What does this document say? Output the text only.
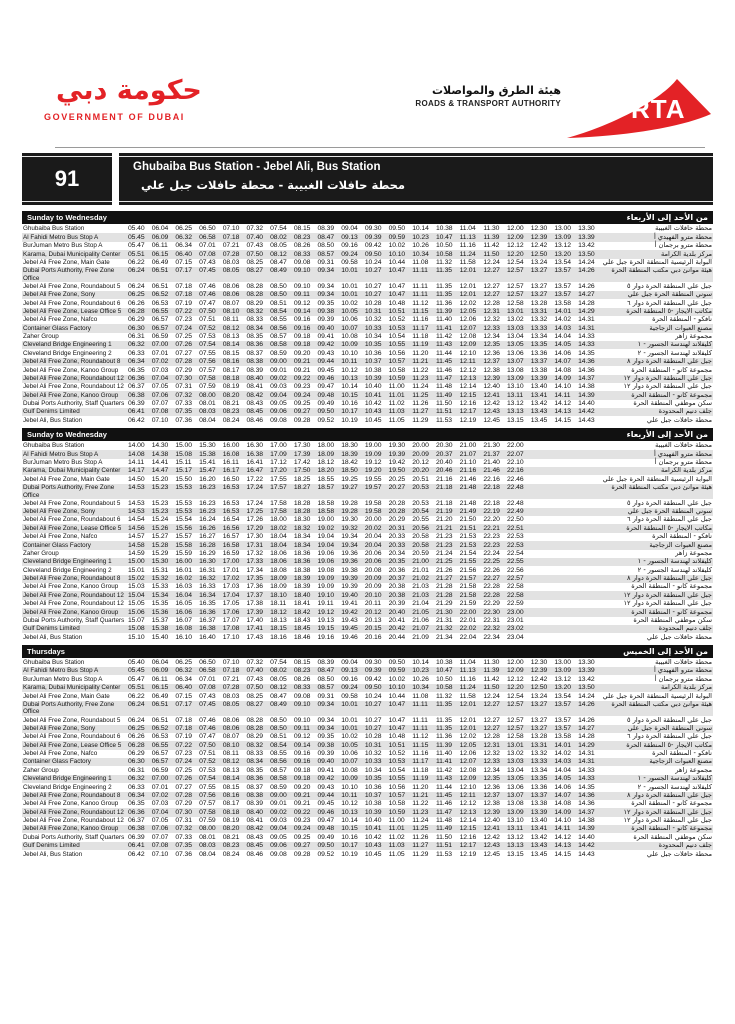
حكومة دبي
GOVERNMENT OF DUBAI
هيئة الطرق والمواصلات
ROADS & TRANSPORT AUTHORITY	RTA
91	Ghubaiba Bus Station - Jebel Ali, Bus Station
محطة حافلات الغبيبة - محطة حافلات جبل علي
Sunday to Wednesday	من الأحد إلى الأربعاء
Ghubaiba Bus Station	05.40	06.04	06.25	06.50	07.10	07.32	07.54	08.15	08.39	09.04	09.30	09.50	10.14	10.38	11.04	11.30	12.00	12.30	13.00	13.30	محطة حافلات الغبيبة
Al Fahidi Metro Bus Stop A	05.45	06.09	06.32	06.58	07.18	07.40	08.02	08.23	08.47	09.13	09.39	09.59	10.23	10.47	11.13	11.39	12.09	12.39	13.09	13.39	محطة مترو الفهيدي أ
BurJuman Metro Bus Stop A	05.47	06.11	06.34	07.01	07.21	07.43	08.05	08.26	08.50	09.16	09.42	10.02	10.26	10.50	11.16	11.42	12.12	12.42	13.12	13.42	محطة مترو برجمان أ
Karama, Dubai Municipality Center	05.51	06.15	06.40	07.08	07.28	07.50	08.12	08.33	08.57	09.24	09.50	10.10	10.34	10.58	11.24	11.50	12.20	12.50	13.20	13.50	مركز بلدية الكرامة
Jebel Ali Free Zone, Main Gate	06.22	06.49	07.15	07.43	08.03	08.25	08.47	09.08	09.31	09.58	10.24	10.44	11.08	11.32	11.58	12.24	12.54	13.24	13.54	14.24	البوابة الرئيسية المنطقة الحرة جبل علي
Dubai Ports Authority, Free Zone Office
06.24	06.51	07.17	07.45	08.05	08.27	08.49	09.10	09.34	10.01	10.27	10.47	11.11	11.35	12.01	12.27	12.57	13.27	13.57	14.26	هيئة موانئ دبي مكتب المنطقة الحرة
Jebel Ali Free Zone, Roundabout 5	06.24	06.51	07.18	07.46	08.06	08.28	08.50	09.10	09.34	10.01	10.27	10.47	11.11	11.35	12.01	12.27	12.57	13.27	13.57	14.26	جبل علي المنطقة الحرة دوار ٥
Jebel Ali Free Zone, Sony	06.25	06.52	07.18	07.46	08.06	08.28	08.50	09.11	09.34	10.01	10.27	10.47	11.11	11.35	12.01	12.27	12.57	13.27	13.57	14.27	سوني المنطقة الحرة جبل علي
Jebel Ali Free Zone, Roundabout 6	06.26	06.53	07.19	07.47	08.07	08.29	08.51	09.12	09.35	10.02	10.28	10.48	11.12	11.36	12.02	12.28	12.58	13.28	13.58	14.28	جبل علي المنطقة الحرة دوار ٦
Jebel Ali Free Zone, Lease Office 5 06.28	06.55	07.22	07.50	08.10	08.32	08.54	09.14	09.38	10.05	10.31	10.51	11.15	11.39	12.05	12.31	13.01	13.31	14.01	14.29	مكاتب الايجار -٥ المنطقة الحرة
Jebel Ali Free Zone, Nafco	06.29	06.57	07.23	07.51	08.11	08.33	08.55	09.16	09.39	10.06	10.32	10.52	11.16	11.40	12.06	12.32	13.02	13.32	14.02	14.31	نافكو - المنطقة الحرة
Container Glass Factory	06.30	06.57	07.24	07.52	08.12	08.34	08.56	09.16	09.40	10.07	10.33	10.53	11.17	11.41	12.07	12.33	13.03	13.33	14.03	14.31	مصنع العبوات الزجاجية
Zaher Group	06.31	06.59	07.25	07.53	08.13	08.35	08.57	09.18	09.41	10.08	10.34	10.54	11.18	11.42	12.08	12.34	13.04	13.34	14.04	14.33	مجموعة زاهر
Cleveland Bridge Engineering 1	06.32	07.00	07.26	07.54	08.14	08.36	08.58	09.18	09.42	10.09	10.35	10.55	11.19	11.43	12.09	12.35	13.05	13.35	14.05	14.33	كليفلاند لهندسة الجسور - ١
Cleveland Bridge Engineering 2	06.33	07.01	07.27	07.55	08.15	08.37	08.59	09.20	09.43	10.10	10.36	10.56	11.20	11.44	12.10	12.36	13.06	13.36	14.06	14.35	كليفلاند لهندسة الجسور - ٢
Jebel Ali Free Zone, Roundabout 8	06.34	07.02	07.28	07.56	08.16	08.38	09.00	09.21	09.44	10.11	10.37	10.57	11.21	11.45	12.11	12.37	13.07	13.37	14.07	14.36	جبل علي المنطقة الحرة دوار ٨
Jebel Ali Free Zone, Kanoo Group	06.35	07.03	07.29	07.57	08.17	08.39	09.01	09.21	09.45	10.12	10.38	10.58	11.22	11.46	12.12	12.38	13.08	13.38	14.08	14.36	مجموعة كانو - المنطقة الحرة
Jebel Ali Free Zone, Roundabout 12 06.36	07.04	07.30	07.58	08.18	08.40	09.02	09.22	09.46	10.13	10.39	10.59	11.23	11.47	12.13	12.39	13.09	13.39	14.09	14.37	جبل علي المنطقة الحرة دوار ١٢
Jebel Ali Free Zone, Roundabout 12 06.37	07.05	07.31	07.59	08.19	08.41	09.03	09.23	09.47	10.14	10.40	11.00	11.24	11.48	12.14	12.40	13.10	13.40	14.10	14.38	جبل علي المنطقة الحرة دوار ١٢
Jebel Ali Free Zone, Kanoo Group	06.38	07.06	07.32	08.00	08.20	08.42	09.04	09.24	09.48	10.15	10.41	11.01	11.25	11.49	12.15	12.41	13.11	13.41	14.11	14.39	مجموعة كانو - المنطقة الحرة
Dubai Ports Authority, Staff Quarters 06.39	07.07	07.33	08.01	08.21	08.43	09.05	09.25	09.49	10.16	10.42	11.02	11.26	11.50	12.16	12.42	13.12	13.42	14.12	14.40	سكن موظفي المنطقة الحرة
Gulf Denims Limited	06.41	07.08	07.35	08.03	08.23	08.45	09.06	09.27	09.50	10.17	10.43	11.03	11.27	11.51	12.17	12.43	13.13	13.43	14.13	14.42	جلف دنيم المحدودة
Jebel Ali, Bus Station	06.42	07.10	07.36	08.04	08.24	08.46	09.08	09.28	09.52	10.19	10.45	11.05	11.29	11.53	12.19	12.45	13.15	13.45	14.15	14.43	محطة حافلات جبل علي
Sunday to Wednesday	من الأحد إلى الأربعاء
Ghubaiba Bus Station	14.00	14.30	15.00	15.30	16.00	16.30	17.00	17.30	18.00	18.30	19.00	19.30	20.00	20.30	21.00	21.30	22.00	محطة حافلات الغبيبة
Al Fahidi Metro Bus Stop A	14.08	14.38	15.08	15.38	16.08	16.38	17.09	17.39	18.09	18.39	19.09	19.39	20.09	20.37	21.07	21.37	22.07	محطة مترو الفهيدي أ
BurJuman Metro Bus Stop A	14.11	14.41	15.11	15.41	16.11	16.41	17.12	17.42	18.12	18.42	19.12	19.42	20.12	20.40	21.10	21.40	22.10	محطة مترو برجمان أ
Karama, Dubai Municipality Center	14.17	14.47	15.17	15.47	16.17	16.47	17.20	17.50	18.20	18.50	19.20	19.50	20.20	20.46	21.16	21.46	22.16	مركز بلدية الكرامة
Jebel Ali Free Zone, Main Gate	14.50	15.20	15.50	16.20	16.50	17.22	17.55	18.25	18.55	19.25	19.55	20.25	20.51	21.16	21.46	22.16	22.46	البوابة الرئيسية المنطقة الحرة جبل علي
Dubai Ports Authority, Free Zone Office
14.53	15.23	15.53	16.23	16.53	17.24	17.57	18.27	18.57	19.27	19.57	20.27	20.53	21.18	21.48	22.18	22.48	هيئة موانئ دبي مكتب المنطقة الحرة
Jebel Ali Free Zone, Roundabout 5	14.53	15.23	15.53	16.23	16.53	17.24	17.58	18.28	18.58	19.28	19.58	20.28	20.53	21.18	21.48	22.18	22.48	جبل علي المنطقة الحرة دوار ٥
Jebel Ali Free Zone, Sony	14.53	15.23	15.53	16.23	16.53	17.25	17.58	18.28	18.58	19.28	19.58	20.28	20.54	21.19	21.49	22.19	22.49	سوني المنطقة الحرة جبل علي
Jebel Ali Free Zone, Roundabout 6	14.54	15.24	15.54	16.24	16.54	17.26	18.00	18.30	19.00	19.30	20.00	20.29	20.55	21.20	21.50	22.20	22.50	جبل علي المنطقة الحرة دوار ٦
Jebel Ali Free Zone, Lease Office 5 14.56	15.26	15.56	16.26	16.56	17.29	18.02	18.32	19.02	19.32	20.02	20.31	20.56	21.21	21.51	22.21	22.51	مكاتب الايجار -٥ المنطقة الحرة
Jebel Ali Free Zone, Nafco	14.57	15.27	15.57	16.27	16.57	17.30	18.04	18.34	19.04	19.34	20.04	20.33	20.58	21.23	21.53	22.23	22.53	نافكو - المنطقة الحرة
Container Glass Factory	14.58	15.28	15.58	16.28	16.58	17.31	18.04	18.34	19.04	19.34	20.04	20.33	20.58	21.23	21.53	22.23	22.53	مصنع العبوات الزجاجية
Zaher Group	14.59	15.29	15.59	16.29	16.59	17.32	18.06	18.36	19.06	19.36	20.06	20.34	20.59	21.24	21.54	22.24	22.54	مجموعة زاهر
Cleveland Bridge Engineering 1	15.00	15.30	16.00	16.30	17.00	17.33	18.06	18.36	19.06	19.36	20.06	20.35	21.00	21.25	21.55	22.25	22.55	كليفلاند لهندسة الجسور - ١
Cleveland Bridge Engineering 2	15.01	15.31	16.01	16.31	17.01	17.34	18.08	18.38	19.08	19.38	20.08	20.36	21.01	21.26	21.56	22.26	22.56	كليفلاند لهندسة الجسور - ٢
Jebel Ali Free Zone, Roundabout 8	15.02	15.32	16.02	16.32	17.02	17.35	18.09	18.39	19.09	19.39	20.09	20.37	21.02	21.27	21.57	22.27	22.57	جبل علي المنطقة الحرة دوار ٨
Jebel Ali Free Zone, Kanoo Group	15.03	15.33	16.03	16.33	17.03	17.36	18.09	18.39	19.09	19.39	20.09	20.38	21.03	21.28	21.58	22.28	22.58	مجموعة كانو - المنطقة الحرة
Jebel Ali Free Zone, Roundabout 12 15.04	15.34	16.04	16.34	17.04	17.37	18.10	18.40	19.10	19.40	20.10	20.38	21.03	21.28	21.58	22.28	22.58	جبل علي المنطقة الحرة دوار ١٢
Jebel Ali Free Zone, Roundabout 12 15.05	15.35	16.05	16.35	17.05	17.38	18.11	18.41	19.11	19.41	20.11	20.39	21.04	21.29	21.59	22.29	22.59	جبل علي المنطقة الحرة دوار ١٢
Jebel Ali Free Zone, Kanoo Group	15.06	15.36	16.06	16.36	17.06	17.39	18.12	18.42	19.12	19.42	20.12	20.40	21.05	21.30	22.00	22.30	23.00	مجموعة كانو - المنطقة الحرة
Dubai Ports Authority, Staff Quarters 15.07	15.37	16.07	16.37	17.07	17.40	18.13	18.43	19.13	19.43	20.13	20.41	21.06	21.31	22.01	22.31	23.01	سكن موظفي المنطقة الحرة
Gulf Denims Limited	15.08	15.38	16.08	16.38	17.08	17.41	18.15	18.45	19.15	19.45	20.15	20.42	21.07	21.32	22.02	22.32	23.02	جلف دنيم المحدودة
Jebel Ali, Bus Station	15.10	15.40	16.10	16.40	17.10	17.43	18.16	18.46	19.16	19.46	20.16	20.44	21.09	21.34	22.04	22.34	23.04	محطة حافلات جبل علي
Thursdays	من الأحد إلى الخميس
Ghubaiba Bus Station	05.40	06.04	06.25	06.50	07.10	07.32	07.54	08.15	08.39	09.04	09.30	09.50	10.14	10.38	11.04	11.30	12.00	12.30	13.00	13.30	محطة حافلات الغبيبة
Al Fahidi Metro Bus Stop A	05.45	06.09	06.32	06.58	07.18	07.40	08.02	08.23	08.47	09.13	09.39	09.59	10.23	10.47	11.13	11.39	12.09	12.39	13.09	13.39	محطة مترو الفهيدي أ
BurJuman Metro Bus Stop A	05.47	06.11	06.34	07.01	07.21	07.43	08.05	08.26	08.50	09.16	09.42	10.02	10.26	10.50	11.16	11.42	12.12	12.42	13.12	13.42	محطة مترو برجمان أ
Karama, Dubai Municipality Center	05.51	06.15	06.40	07.08	07.28	07.50	08.12	08.33	08.57	09.24	09.50	10.10	10.34	10.58	11.24	11.50	12.20	12.50	13.20	13.50	مركز بلدية الكرامة
Jebel Ali Free Zone, Main Gate	06.22	06.49	07.15	07.43	08.03	08.25	08.47	09.08	09.31	09.58	10.24	10.44	11.08	11.32	11.58	12.24	12.54	13.24	13.54	14.24	البوابة الرئيسية المنطقة الحرة جبل علي
Dubai Ports Authority, Free Zone Office
06.24	06.51	07.17	07.45	08.05	08.27	08.49	09.10	09.34	10.01	10.27	10.47	11.11	11.35	12.01	12.27	12.57	13.27	13.57	14.26	هيئة موانئ دبي مكتب المنطقة الحرة
Jebel Ali Free Zone, Roundabout 5	06.24	06.51	07.18	07.46	08.06	08.28	08.50	09.10	09.34	10.01	10.27	10.47	11.11	11.35	12.01	12.27	12.57	13.27	13.57	14.26	جبل علي المنطقة الحرة دوار ٥
Jebel Ali Free Zone, Sony	06.25	06.52	07.18	07.46	08.06	08.28	08.50	09.11	09.34	10.01	10.27	10.47	11.11	11.35	12.01	12.27	12.57	13.27	13.57	14.27	سوني المنطقة الحرة جبل علي
Jebel Ali Free Zone, Roundabout 6	06.26	06.53	07.19	07.47	08.07	08.29	08.51	09.12	09.35	10.02	10.28	10.48	11.12	11.36	12.02	12.28	12.58	13.28	13.58	14.28	جبل علي المنطقة الحرة دوار ٦
Jebel Ali Free Zone, Lease Office 5 06.28	06.55	07.22	07.50	08.10	08.32	08.54	09.14	09.38	10.05	10.31	10.51	11.15	11.39	12.05	12.31	13.01	13.31	14.01	14.29	مكاتب الايجار -٥ المنطقة الحرة
Jebel Ali Free Zone, Nafco	06.29	06.57	07.23	07.51	08.11	08.33	08.55	09.16	09.39	10.06	10.32	10.52	11.16	11.40	12.06	12.32	13.02	13.32	14.02	14.31	نافكو - المنطقة الحرة
Container Glass Factory	06.30	06.57	07.24	07.52	08.12	08.34	08.56	09.16	09.40	10.07	10.33	10.53	11.17	11.41	12.07	12.33	13.03	13.33	14.03	14.31	مصنع العبوات الزجاجية
Zaher Group	06.31	06.59	07.25	07.53	08.13	08.35	08.57	09.18	09.41	10.08	10.34	10.54	11.18	11.42	12.08	12.34	13.04	13.34	14.04	14.33	مجموعة زاهر
Cleveland Bridge Engineering 1	06.32	07.00	07.26	07.54	08.14	08.36	08.58	09.18	09.42	10.09	10.35	10.55	11.19	11.43	12.09	12.35	13.05	13.35	14.05	14.33	كليفلاند لهندسة الجسور - ١
Cleveland Bridge Engineering 2	06.33	07.01	07.27	07.55	08.15	08.37	08.59	09.20	09.43	10.10	10.36	10.56	11.20	11.44	12.10	12.36	13.06	13.36	14.06	14.35	كليفلاند لهندسة الجسور - ٢
Jebel Ali Free Zone, Roundabout 8	06.34	07.02	07.28	07.56	08.16	08.38	09.00	09.21	09.44	10.11	10.37	10.57	11.21	11.45	12.11	12.37	13.07	13.37	14.07	14.36	جبل علي المنطقة الحرة دوار ٨
Jebel Ali Free Zone, Kanoo Group	06.35	07.03	07.29	07.57	08.17	08.39	09.01	09.21	09.45	10.12	10.38	10.58	11.22	11.46	12.12	12.38	13.08	13.38	14.08	14.36	مجموعة كانو - المنطقة الحرة
Jebel Ali Free Zone, Roundabout 12 06.36	07.04	07.30	07.58	08.18	08.40	09.02	09.22	09.46	10.13	10.39	10.59	11.23	11.47	12.13	12.39	13.09	13.39	14.09	14.37	جبل علي المنطقة الحرة دوار ١٢
Jebel Ali Free Zone, Roundabout 12 06.37	07.05	07.31	07.59	08.19	08.41	09.03	09.23	09.47	10.14	10.40	11.00	11.24	11.48	12.14	12.40	13.10	13.40	14.10	14.38	جبل علي المنطقة الحرة دوار ١٢
Jebel Ali Free Zone, Kanoo Group	06.38	07.06	07.32	08.00	08.20	08.42	09.04	09.24	09.48	10.15	10.41	11.01	11.25	11.49	12.15	12.41	13.11	13.41	14.11	14.39	مجموعة كانو - المنطقة الحرة
Dubai Ports Authority, Staff Quarters 06.39	07.07	07.33	08.01	08.21	08.43	09.05	09.25	09.49	10.16	10.42	11.02	11.26	11.50	12.16	12.42	13.12	13.42	14.12	14.40	سكن موظفي المنطقة الحرة
Gulf Denims Limited	06.41	07.08	07.35	08.03	08.23	08.45	09.06	09.27	09.50	10.17	10.43	11.03	11.27	11.51	12.17	12.43	13.13	13.43	14.13	14.42	جلف دنيم المحدودة
Jebel Ali, Bus Station	06.42	07.10	07.36	08.04	08.24	08.46	09.08	09.28	09.52	10.19	10.45	11.05	11.29	11.53	12.19	12.45	13.15	13.45	14.15	14.43	محطة حافلات جبل علي
